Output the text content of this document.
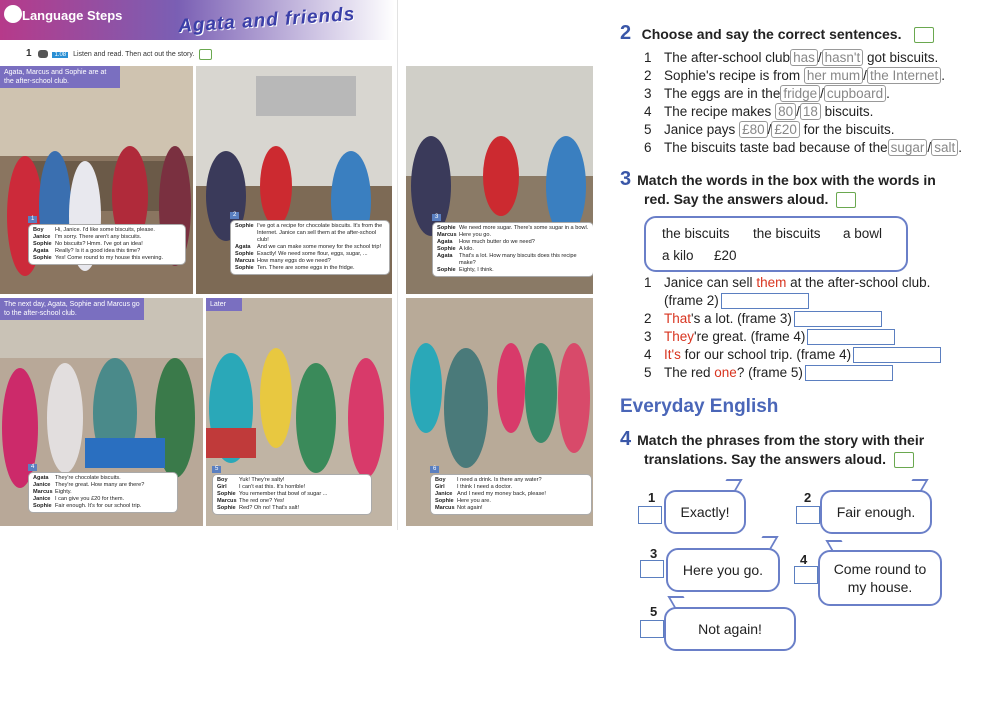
Language Steps	Agata and friends
1	1.08 Listen and read. Then act out the story.
Agata, Marcus and Sophie are at the after-school club.
1
Boy	Hi, Janice. I'd like some biscuits, please.
Janice I'm sorry. There aren't any biscuits.
Sophie No biscuits? Hmm. I've got an idea!
Agata	Really? Is it a good idea this time?
Sophie Yes! Come round to my house this evening.
2
Sophie I've got a recipe for chocolate biscuits. It's from the Internet. Janice can sell them at the after-school club!
Agata	And we can make some money for the school trip!
Sophie Exactly! We need some flour, eggs, sugar, ...
Marcus How many eggs do we need?
Sophie Ten. There are some eggs in the fridge.
3
Sophie We need more sugar. There's some sugar in a bowl.
Marcus Here you go.
Agata	How much butter do we need?
Sophie A kilo.
Agata	That's a lot. How many biscuits does this recipe make?
Sophie Eighty, I think.
The next day, Agata, Sophie and Marcus go to the after-school club.
4
Agata	They're chocolate biscuits.
Janice They're great. How many are there?
Marcus Eighty.
Janice I can give you £20 for them.
Sophie Fair enough. It's for our school trip.
Later
5
Boy	Yuk! They're salty!
Girl	I can't eat this. It's horrible!
Sophie You remember that bowl of sugar ...
Marcus The red one? Yes!
Sophie Red? Oh no! That's salt!
6
Boy	I need a drink. Is there any water?
Girl	I think I need a doctor.
Janice And I need my money back, please!
Sophie Here you are.
Marcus Not again!
2 Choose and say the correct sentences.
1 The after-school club has / hasn't got biscuits.
2 Sophie's recipe is from her mum / the Internet .
3 The eggs are in the fridge / cupboard .
4 The recipe makes 80 / 18 biscuits.
5 Janice pays £80 / £20 for the biscuits.
6 The biscuits taste bad because of the sugar / salt .
3 Match the words in the box with the words in
red. Say the answers aloud.
the biscuits the biscuits a bowl
a kilo £20
1 Janice can sell them at the after-school club.
(frame 2)
2 That's a lot. (frame 3)
3 They're great. (frame 4)
4 It's for our school trip. (frame 4)
5 The red one? (frame 5)
Everyday English
4 Match the phrases from the story with their
translations. Say the answers aloud.
1
Exactly!
2
Fair enough.
3
Here you go.
4
Come round to
my house.
5
Not again!
